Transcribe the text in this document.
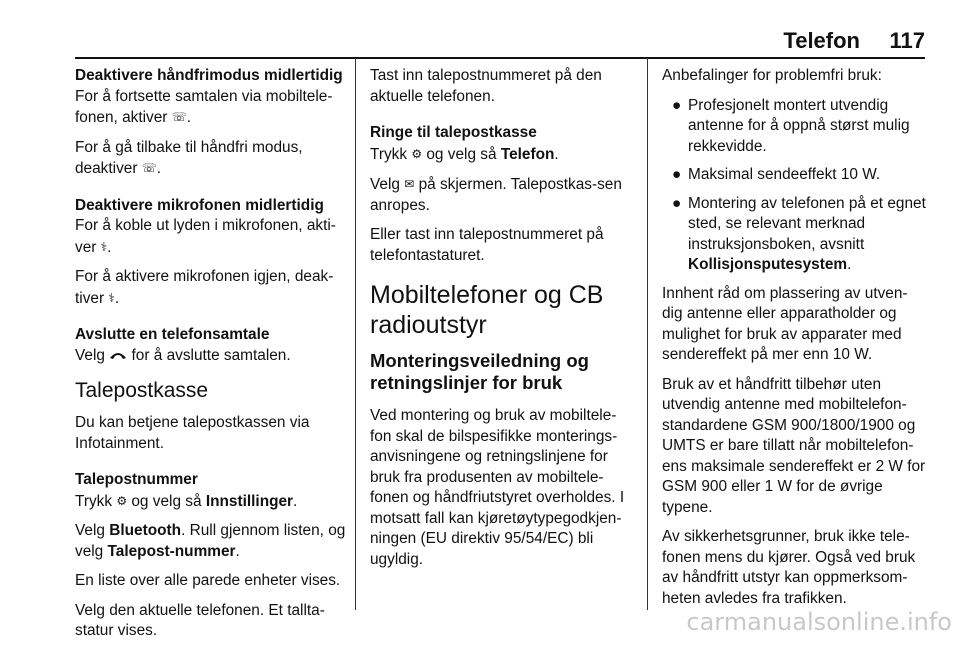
Telefon 117
Deaktivere håndfrimodus midlertidig

For å fortsette samtalen via mobiltele-fonen, aktiver ☏.

For å gå tilbake til håndfri modus, deaktiver ☏.

Deaktivere mikrofonen midlertidig

For å koble ut lyden i mikrofonen, akti-ver ⚕.

For å aktivere mikrofonen igjen, deak-tiver ⚕.

Avslutte en telefonsamtale

Velg for å avslutte samtalen.

Talepostkasse

Du kan betjene talepostkassen via Infotainment.

Talepostnummer

Trykk ⚙ og velg så Innstillinger.

Velg Bluetooth. Rull gjennom listen, og velg Talepost-nummer.

En liste over alle parede enheter vises.

Velg den aktuelle telefonen. Et tallta-statur vises.

Tast inn talepostnummeret på den aktuelle telefonen.

Ringe til talepostkasse

Trykk ⚙ og velg så Telefon.

Velg ✉ på skjermen. Talepostkas-sen anropes.

Eller tast inn talepostnummeret på telefontastaturet.

Mobiltelefoner og CB radioutstyr
Monteringsveiledning og retningslinjer for bruk

Ved montering og bruk av mobiltele-fon skal de bilspesifikke monterings-anvisningene og retningslinjene for bruk fra produsenten av mobiltele-fonen og håndfriutstyret overholdes. I motsatt fall kan kjøretøytypegodkjen-ningen (EU direktiv 95/54/EC) bli ugyldig.

Anbefalinger for problemfri bruk:

● Profesjonelt montert utvendig antenne for å oppnå størst mulig rekkevidde.
● Maksimal sendeeffekt 10 W.
● Montering av telefonen på et egnet sted, se relevant merknad instruksjonsboken, avsnitt Kollisjonsputesystem.

Innhent råd om plassering av utven-dig antenne eller apparatholder og mulighet for bruk av apparater med sendereffekt på mer enn 10 W.

Bruk av et håndfritt tilbehør uten utvendig antenne med mobiltelefon-standardene GSM 900/1800/1900 og UMTS er bare tillatt når mobiltelefon-ens maksimale sendereffekt er 2 W for GSM 900 eller 1 W for de øvrige typene.

Av sikkerhetsgrunner, bruk ikke tele-fonen mens du kjører. Også ved bruk av håndfritt utstyr kan oppmerksom-heten avledes fra trafikken.

carmanualsonline.info
